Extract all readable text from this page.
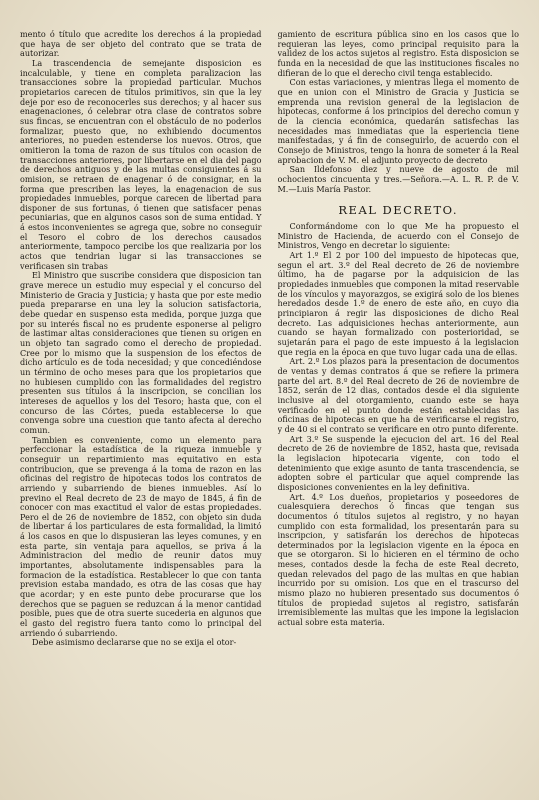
mento ó título que acredite los derechos á la propiedad que haya de ser objeto del contrato que se trata de autorizar.

La trascendencia de semejante disposicion es incalculable, y tiene en completa paralizacion las transacciones sobre la propiedad particular. Muchos propietarios carecen de títulos primitivos, sin que la ley deje por eso de reconocerles sus derechos; y al hacer sus enagenaciones, ó celebrar otra clase de contratos sobre sus fincas, se encuentran con el obstáculo de no poderlos formalizar, puesto que, no exhibiendo documentos anteriores, no pueden estenderse los nuevos. Otros, que omitieron la toma de razon de sus títulos con ocasion de transacciones anteriores, por libertarse en el dia del pago de derechos antiguos y de las multas consiguientes á su omision, se retraen de enagenar ó de consignar, en la forma que prescriben las leyes, la enagenacion de sus propiedades inmuebles, porque carecen de libertad para disponer de sus fortunas, ó tienen que satisfacer penas pecuniarias, que en algunos casos son de suma entidad. Y á estos inconvenientes se agrega que, sobre no conseguir el Tesoro el cobro de los derechos causados anteriormente, tampoco percibe los que realizaria por los actos que tendrian lugar si las transacciones se verificasen sin trabas

El Ministro que suscribe considera que disposicion tan grave merece un estudio muy especial y el concurso del Ministerio de Gracia y Justicia; y hasta que por este medio pueda prepararse en una ley la solucion satisfactoria, debe quedar en suspenso esta medida, porque juzga que por su interés fiscal no es prudente esponerse al peligro de lastimar altas consideraciones que tienen su origen en un objeto tan sagrado como el derecho de propiedad. Cree por lo mismo que la suspension de los efectos de dicho artículo es de toda necesidad; y que concediéndose un término de ocho meses para que los propietarios que no hubiesen cumplido con las formalidades del registro presenten sus títulos á la inscripcion, se concilian los intereses de aquellos y los del Tesoro; hasta que, con el concurso de las Córtes, pueda establecerse lo que convenga sobre una cuestion que tanto afecta al derecho comun.

Tambien es conveniente, como un elemento para perfeccionar la estadística de la riqueza inmueble y conseguir un repartimiento mas equitativo en esta contribucion, que se prevenga á la toma de razon en las oficinas del registro de hipotecas todos los contratos de arriendo y subarriendo de bienes inmuebles. Así lo previno el Real decreto de 23 de mayo de 1845, á fin de conocer con mas exactitud el valor de estas propiedades. Pero el de 26 de noviembre de 1852, con objeto sin duda de libertar á los particulares de esta formalidad, la limitó á los casos en que lo dispusieran las leyes comunes, y en esta parte, sin ventaja para aquellos, se priva á la Administracion del medio de reunir datos muy importantes, absolutamente indispensables para la formacion de la estadística. Restablecer lo que con tanta prevision estaba mandado, es otra de las cosas que hay que acordar; y en este punto debe procurarse que los derechos que se paguen se reduzcan á la menor cantidad posible, pues que de otra suerte sucederia en algunos que el gasto del registro fuera tanto como lo principal del arriendo ó subarriendo.

Debe asimismo declararse que no se exija el otor-

gamiento de escritura pública sino en los casos que lo requieran las leyes, como principal requisito para la validez de los actos sujetos al registro. Esta disposicion se funda en la necesidad de que las instituciones fiscales no difieran de lo que el derecho civil tenga establecido.

Con estas variaciones, y mientras llega el momento de que en union con el Ministro de Gracia y Justicia se emprenda una revision general de la legislacion de hipotecas, conforme á los principios del derecho comun y de la ciencia económica, quedarán satisfechas las necesidades mas inmediatas que la esperiencia tiene manifestadas, y á fin de conseguirlo, de acuerdo con el Consejo de Ministros, tengo la honra de someter á la Real aprobacion de V. M. el adjunto proyecto de decreto

San Ildefonso diez y nueve de agosto de mil ochocientos cincuenta y tres.—Señora.—A. L. R. P. de V. M.—Luis María Pastor.

REAL DECRETO.

Conformándome con lo que Me ha propuesto el Ministro de Hacienda, de acuerdo con el Consejo de Ministros, Vengo en decretar lo siguiente:

Art 1.º El 2 por 100 del impuesto de hipotecas que, segun el art. 3.º del Real decreto de 26 de noviembre último, ha de pagarse por la adquisicion de las propiedades inmuebles que componen la mitad reservable de los vínculos y mayorazgos, se exigirá solo de los bienes heredados desde 1.º de enero de este año, en cuyo dia principiaron á regir las disposiciones de dicho Real decreto. Las adquisiciones hechas anteriormente, aun cuando se hayan formalizado con posterioridad, se sujetarán para el pago de este impuesto á la legislacion que regia en la época en que tuvo lugar cada una de ellas.

Art. 2.º Los plazos para la presentacion de documentos de ventas y demas contratos á que se refiere la primera parte del art. 8.º del Real decreto de 26 de noviembre de 1852, serán de 12 dias, contados desde el dia siguiente inclusive al del otorgamiento, cuando este se haya verificado en el punto donde están establecidas las oficinas de hipotecas en que ha de verificarse el registro, y de 40 si el contrato se verificare en otro punto diferente.

Art 3.º Se suspende la ejecucion del art. 16 del Real decreto de 26 de noviembre de 1852, hasta que, revisada la legislacion hipotecaria vigente, con todo el detenimiento que exige asunto de tanta trascendencia, se adopten sobre el particular que aquel comprende las disposiciones convenientes en la ley definitiva.

Art. 4.º Los dueños, propietarios y poseedores de cualesquiera derechos ó fincas que tengan sus documentos ó títulos sujetos al registro, y no hayan cumplido con esta formalidad, los presentarán para su inscripcion, y satisfarán los derechos de hipotecas determinados por la legislacion vigente en la época en que se otorgaron. Si lo hicieren en el término de ocho meses, contados desde la fecha de este Real decreto, quedan relevados del pago de las multas en que habian incurrido por su omision. Los que en el trascurso del mismo plazo no hubieren presentado sus documentos ó títulos de propiedad sujetos al registro, satisfarán irremisiblemente las multas que les impone la legislacion actual sobre esta materia.
